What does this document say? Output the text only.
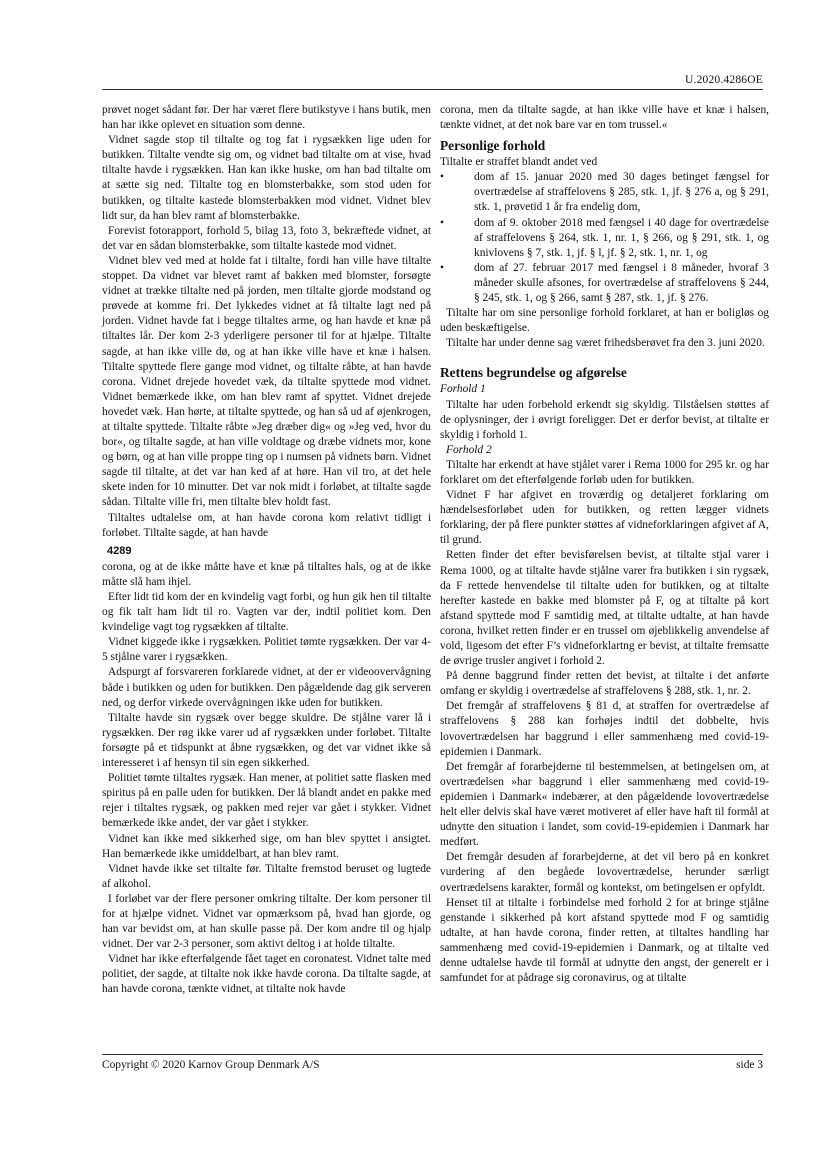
U.2020.4286OE

prøvet noget sådant før. Der har været flere butikstyve i hans butik, men han har ikke oplevet en situation som denne.

Vidnet sagde stop til tiltalte og tog fat i rygsækken lige uden for butikken. Tiltalte vendte sig om, og vidnet bad tiltalte om at vise, hvad tiltalte havde i rygsækken. Han kan ikke huske, om han bad tiltalte om at sætte sig ned. Tiltalte tog en blomsterbakke, som stod uden for butikken, og tiltalte kastede blomsterbakken mod vidnet. Vidnet blev lidt sur, da han blev ramt af blomsterbakke.

Forevist fotorapport, forhold 5, bilag 13, foto 3, bekræftede vidnet, at det var en sådan blomsterbakke, som tiltalte kastede mod vidnet.

Vidnet blev ved med at holde fat i tiltalte, fordi han ville have tiltalte stoppet. Da vidnet var blevet ramt af bakken med blomster, forsøgte vidnet at trække tiltalte ned på jorden, men tiltalte gjorde modstand og prøvede at komme fri. Det lykkedes vidnet at få tiltalte lagt ned på jorden. Vidnet havde fat i begge tiltaltes arme, og han havde et knæ på tiltaltes lår. Der kom 2-3 yderligere personer til for at hjælpe. Tiltalte sagde, at han ikke ville dø, og at han ikke ville have et knæ i halsen. Tiltalte spyttede flere gange mod vidnet, og tiltalte råbte, at han havde corona. Vidnet drejede hovedet væk, da tiltalte spyttede mod vidnet. Vidnet bemærkede ikke, om han blev ramt af spyttet. Vidnet drejede hovedet væk. Han hørte, at tiltalte spyttede, og han så ud af øjenkrogen, at tiltalte spyttede. Tiltalte råbte »Jeg dræber dig« og »Jeg ved, hvor du bor«, og tiltalte sagde, at han ville voldtage og dræbe vidnets mor, kone og børn, og at han ville proppe ting op i numsen på vidnets børn. Vidnet sagde til tiltalte, at det var han ked af at høre. Han vil tro, at det hele skete inden for 10 minutter. Det var nok midt i forløbet, at tiltalte sagde sådan. Tiltalte ville fri, men tiltalte blev holdt fast.

Tiltaltes udtalelse om, at han havde corona kom relativt tidligt i forløbet. Tiltalte sagde, at han havde

4289

corona, og at de ikke måtte have et knæ på tiltaltes hals, og at de ikke måtte slå ham ihjel.

Efter lidt tid kom der en kvindelig vagt forbi, og hun gik hen til tiltalte og fik talt ham lidt til ro. Vagten var der, indtil politiet kom. Den kvindelige vagt tog rygsækken af tiltalte.

Vidnet kiggede ikke i rygsækken. Politiet tømte rygsækken. Der var 4-5 stjålne varer i rygsækken.

Adspurgt af forsvareren forklarede vidnet, at der er videoovervågning både i butikken og uden for butikken. Den pågældende dag gik serveren ned, og derfor virkede overvågningen ikke uden for butikken.

Tiltalte havde sin rygsæk over begge skuldre. De stjålne varer lå i rygsækken. Der røg ikke varer ud af rygsækken under forløbet. Tiltalte forsøgte på et tidspunkt at åbne rygsækken, og det var vidnet ikke så interesseret i af hensyn til sin egen sikkerhed.

Politiet tømte tiltaltes rygsæk. Han mener, at politiet satte flasken med spiritus på en palle uden for butikken. Der lå blandt andet en pakke med rejer i tiltaltes rygsæk, og pakken med rejer var gået i stykker. Vidnet bemærkede ikke andet, der var gået i stykker.

Vidnet kan ikke med sikkerhed sige, om han blev spyttet i ansigtet. Han bemærkede ikke umiddelbart, at han blev ramt.

Vidnet havde ikke set tiltalte før. Tiltalte fremstod beruset og lugtede af alkohol.

I forløbet var der flere personer omkring tiltalte. Der kom personer til for at hjælpe vidnet. Vidnet var opmærksom på, hvad han gjorde, og han var bevidst om, at han skulle passe på. Der kom andre til og hjalp vidnet. Der var 2-3 personer, som aktivt deltog i at holde tiltalte.

Vidnet har ikke efterfølgende fået taget en coronatest. Vidnet talte med politiet, der sagde, at tiltalte nok ikke havde corona. Da tiltalte sagde, at han havde corona, tænkte vidnet, at tiltalte nok havde

corona, men da tiltalte sagde, at han ikke ville have et knæ i halsen, tænkte vidnet, at det nok bare var en tom trussel.«

Personlige forhold

Tiltalte er straffet blandt andet ved

•	dom af 15. januar 2020 med 30 dages betinget fængsel for overtrædelse af straffelovens § 285, stk. 1, jf. § 276 a, og § 291, stk. 1, prøvetid 1 år fra endelig dom,
•	dom af 9. oktober 2018 med fængsel i 40 dage for overtrædelse af straffelovens § 264, stk. 1, nr. 1, § 266, og § 291, stk. 1, og knivlovens § 7, stk. 1, jf. § l, jf. § 2, stk. 1, nr. 1, og
•	dom af 27. februar 2017 med fængsel i 8 måneder, hvoraf 3 måneder skulle afsones, for overtrædelse af straffelovens § 244, § 245, stk. 1, og § 266, samt § 287, stk. 1, jf. § 276.

Tiltalte har om sine personlige forhold forklaret, at han er boligløs og uden beskæftigelse.

Tiltalte har under denne sag været frihedsberøvet fra den 3. juni 2020.

Rettens begrundelse og afgørelse
Forhold 1

Tiltalte har uden forbehold erkendt sig skyldig. Tilståelsen støttes af de oplysninger, der i øvrigt foreligger. Det er derfor bevist, at tiltalte er skyldig i forhold 1.

Forhold 2

Tiltalte har erkendt at have stjålet varer i Rema 1000 for 295 kr. og har forklaret om det efterfølgende forløb uden for butikken.

Vidnet F har afgivet en troværdig og detaljeret forklaring om hændelsesforløbet uden for butikken, og retten lægger vidnets forklaring, der på flere punkter støttes af vidneforklaringen afgivet af A, til grund.

Retten finder det efter bevisførelsen bevist, at tiltalte stjal varer i Rema 1000, og at tiltalte havde stjålne varer fra butikken i sin rygsæk, da F rettede henvendelse til tiltalte uden for butikken, og at tiltalte herefter kastede en bakke med blomster på F, og at tiltalte på kort afstand spyttede mod F samtidig med, at tiltalte udtalte, at han havde corona, hvilket retten finder er en trussel om øjeblikkelig anvendelse af vold, ligesom det efter F’s vidneforklartng er bevist, at tiltalte fremsatte de øvrige trusler angivet i forhold 2.

På denne baggrund finder retten det bevist, at tiltalte i det anførte omfang er skyldig i overtrædelse af straffelovens § 288, stk. 1, nr. 2.

Det fremgår af straffelovens § 81 d, at straffen for overtrædelse af straffelovens § 288 kan forhøjes indtil det dobbelte, hvis lovovertrædelsen har baggrund i eller sammenhæng med covid-19-epidemien i Danmark.

Det fremgår af forarbejderne til bestemmelsen, at betingelsen om, at overtrædelsen »har baggrund i eller sammenhæng med covid-19-epidemien i Danmark« indebærer, at den pågældende lovovertrædelse helt eller delvis skal have været motiveret af eller have haft til formål at udnytte den situation i landet, som covid-19-epidemien i Danmark har medført.

Det fremgår desuden af forarbejderne, at det vil bero på en konkret vurdering af den begåede lovovertrædelse, herunder særligt overtrædelsens karakter, formål og kontekst, om betingelsen er opfyldt.

Henset til at tiltalte i forbindelse med forhold 2 for at bringe stjålne genstande i sikkerhed på kort afstand spyttede mod F og samtidig udtalte, at han havde corona, finder retten, at tiltaltes handling har sammenhæng med covid-19-epidemien i Danmark, og at tiltalte ved denne udtalelse havde til formål at udnytte den angst, der generelt er i samfundet for at pådrage sig coronavirus, og at tiltalte

Copyright © 2020 Karnov Group Denmark A/S	side 3
